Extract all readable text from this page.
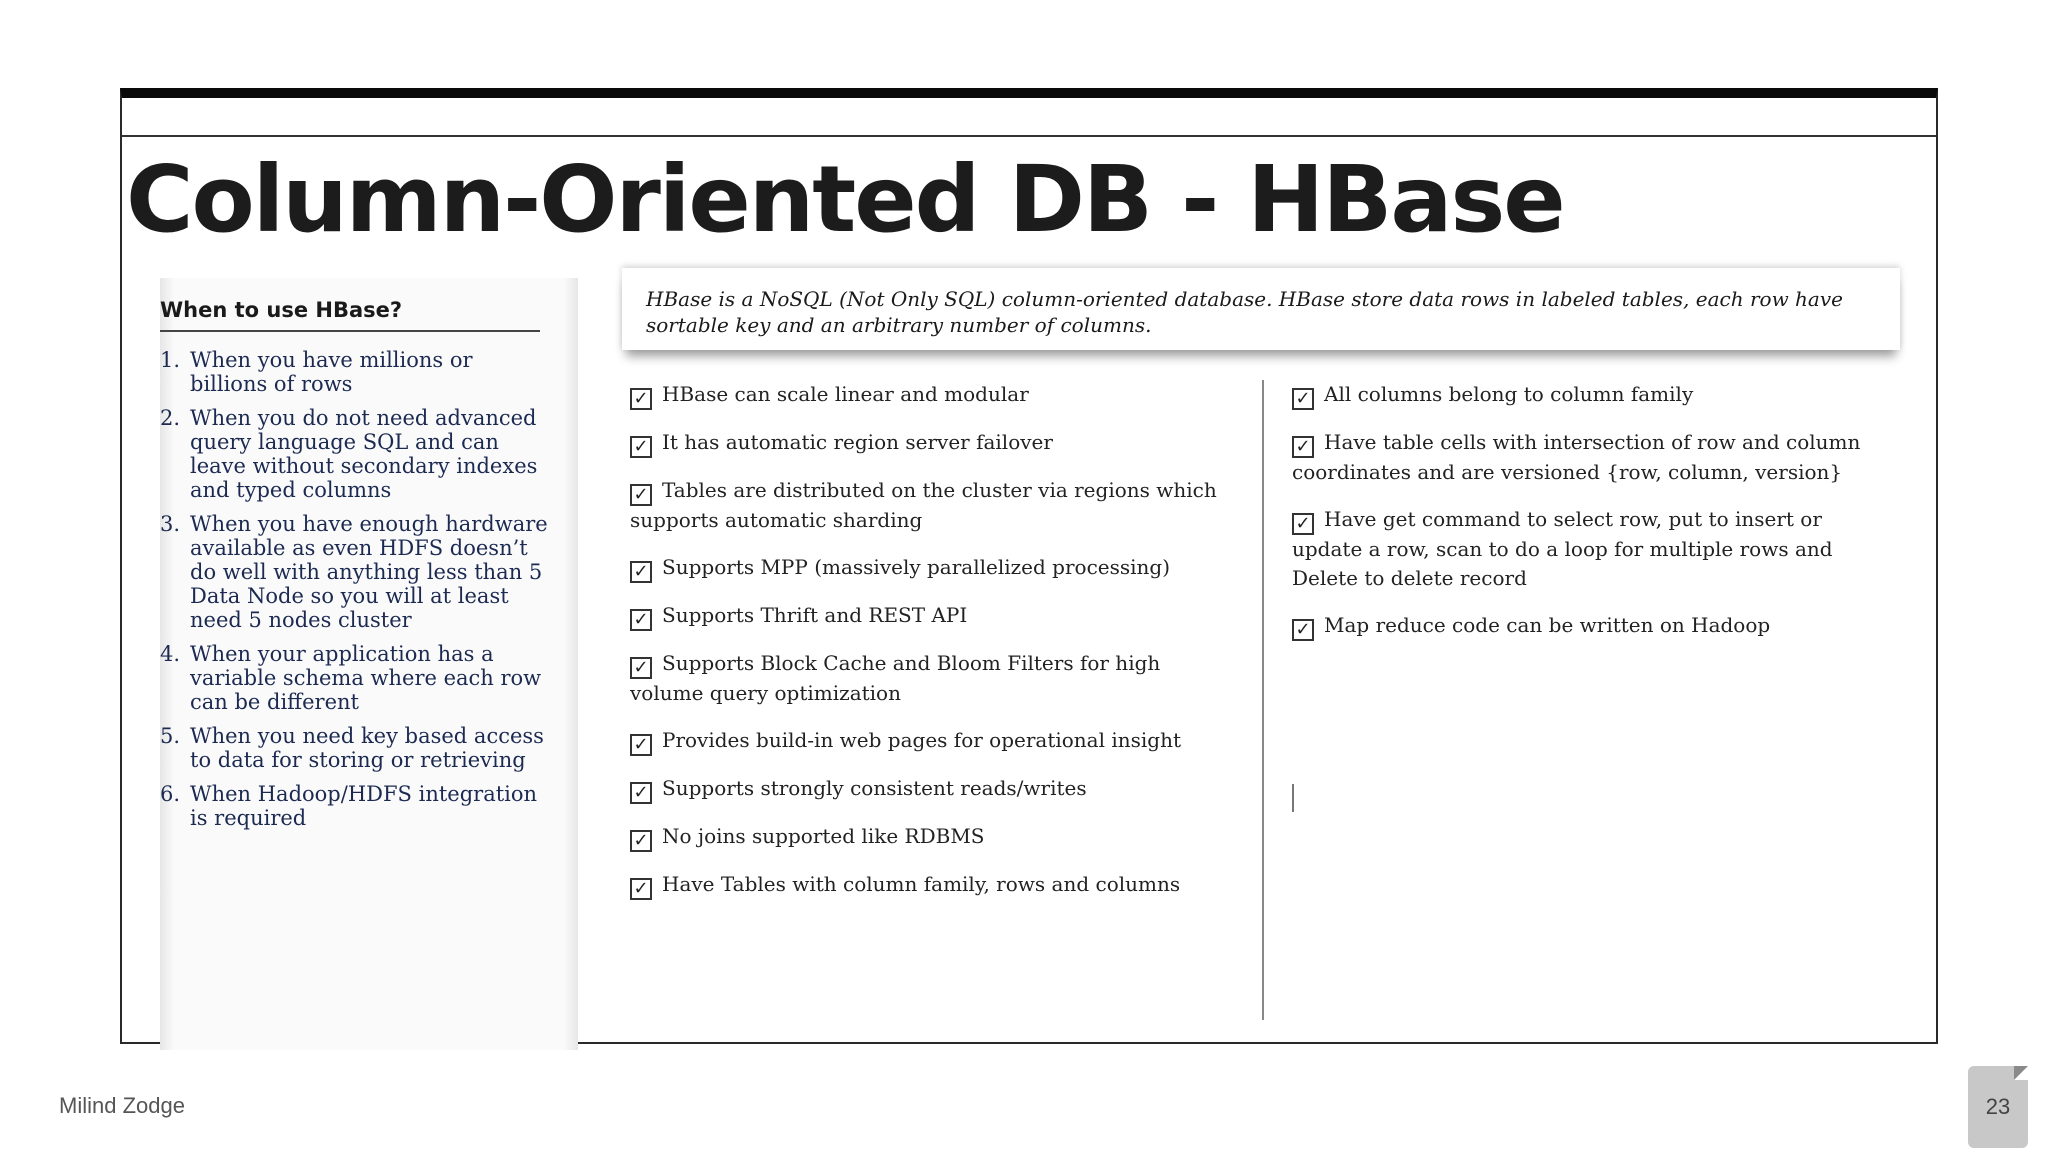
Column-Oriented DB - HBase
When to use HBase?
1. When you have millions or billions of rows
2. When you do not need advanced query language SQL and can leave without secondary indexes and typed columns
3. When you have enough hardware available as even HDFS doesn’t do well with anything less than 5 Data Node so you will at least need 5 nodes cluster
4. When your application has a variable schema where each row can be different
5. When you need key based access to data for storing or retrieving
6. When Hadoop/HDFS integration is required
HBase is a NoSQL (Not Only SQL) column-oriented database. HBase store data rows in labeled tables, each row have sortable key and an arbitrary number of columns.
✓ HBase can scale linear and modular
✓ It has automatic region server failover
✓ Tables are distributed on the cluster via regions which supports automatic sharding
✓ Supports MPP (massively parallelized processing)
✓ Supports Thrift and REST API
✓ Supports Block Cache and Bloom Filters for high volume query optimization
✓ Provides build-in web pages for operational insight
✓ Supports strongly consistent reads/writes
✓ No joins supported like RDBMS
✓ Have Tables with column family, rows and columns
✓ All columns belong to column family
✓ Have table cells with intersection of row and column coordinates and are versioned {row, column, version}
✓ Have get command to select row, put to insert or update a row, scan to do a loop for multiple rows and Delete to delete record
✓ Map reduce code can be written on Hadoop
Milind Zodge	23
